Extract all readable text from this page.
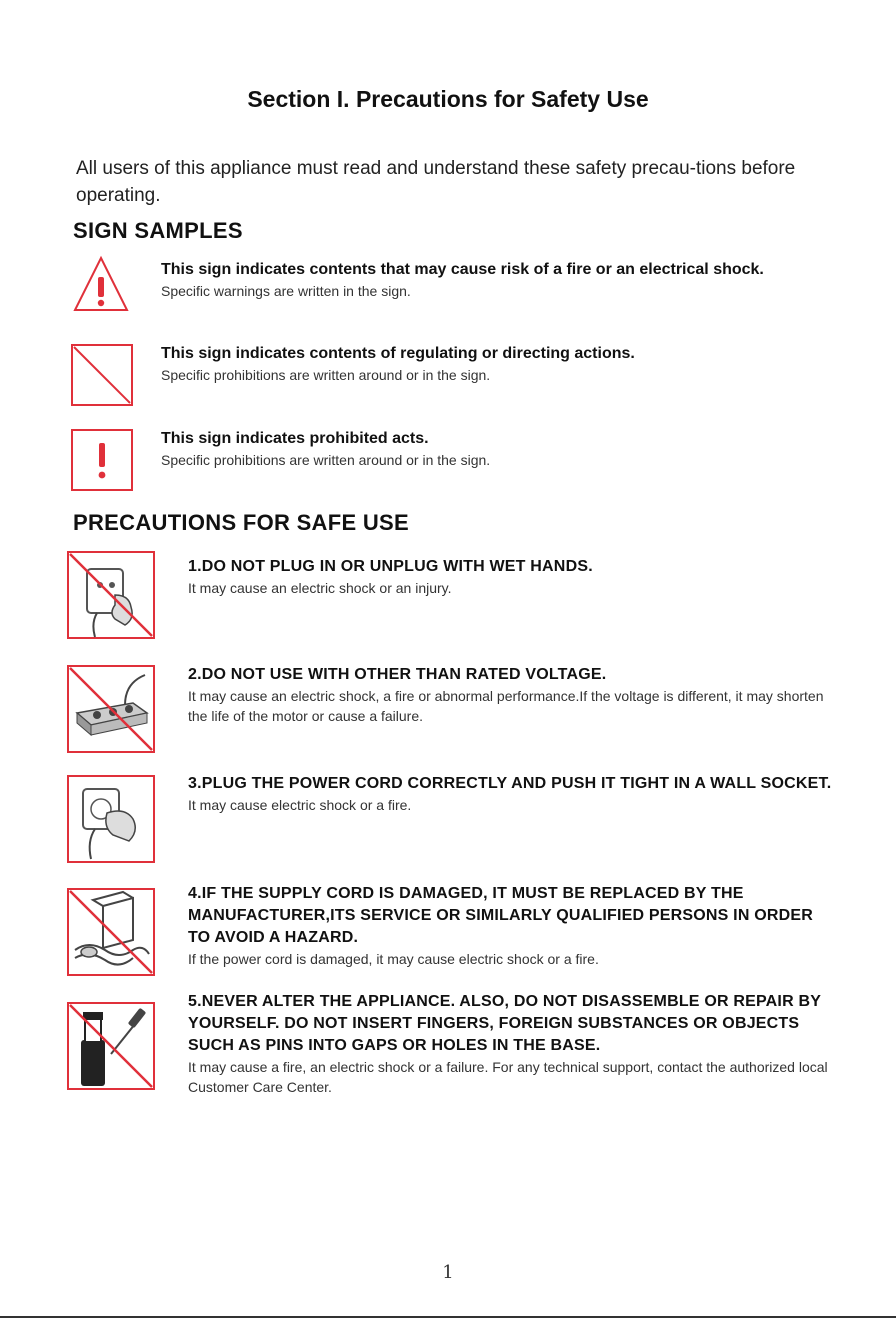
Section I. Precautions for Safety Use
All users of this appliance must read and understand these safety precau-tions before operating.
SIGN SAMPLES
This sign indicates contents that may cause risk of a fire or an electrical shock.
Specific warnings are written in the sign.
This sign indicates contents of regulating or directing actions.
Specific prohibitions are written around or in the sign.
This sign indicates prohibited acts.
Specific prohibitions are written around or in the sign.
PRECAUTIONS FOR SAFE USE
1.DO NOT PLUG IN OR UNPLUG WITH WET HANDS.
It may cause an electric shock or an injury.
2.DO NOT USE WITH OTHER THAN RATED VOLTAGE.
It may cause an electric shock, a fire or abnormal performance.If the voltage is different, it may shorten the life of the motor or cause a failure.
3.PLUG THE POWER CORD CORRECTLY AND PUSH IT TIGHT IN A WALL SOCKET.
It may cause electric shock or a fire.
4.IF THE SUPPLY CORD IS DAMAGED, IT MUST BE REPLACED BY THE MANUFACTURER,ITS SERVICE OR SIMILARLY QUALIFIED PERSONS IN ORDER TO AVOID A HAZARD.
If the power cord is damaged, it may cause electric shock or a fire.
5.NEVER ALTER THE APPLIANCE. ALSO, DO NOT DISASSEMBLE OR REPAIR BY YOURSELF. DO NOT INSERT FINGERS, FOREIGN SUBSTANCES OR OBJECTS SUCH AS PINS INTO GAPS OR HOLES IN THE BASE.
It may cause a fire, an electric shock or a failure. For any technical support, contact the authorized local Customer Care Center.
1
